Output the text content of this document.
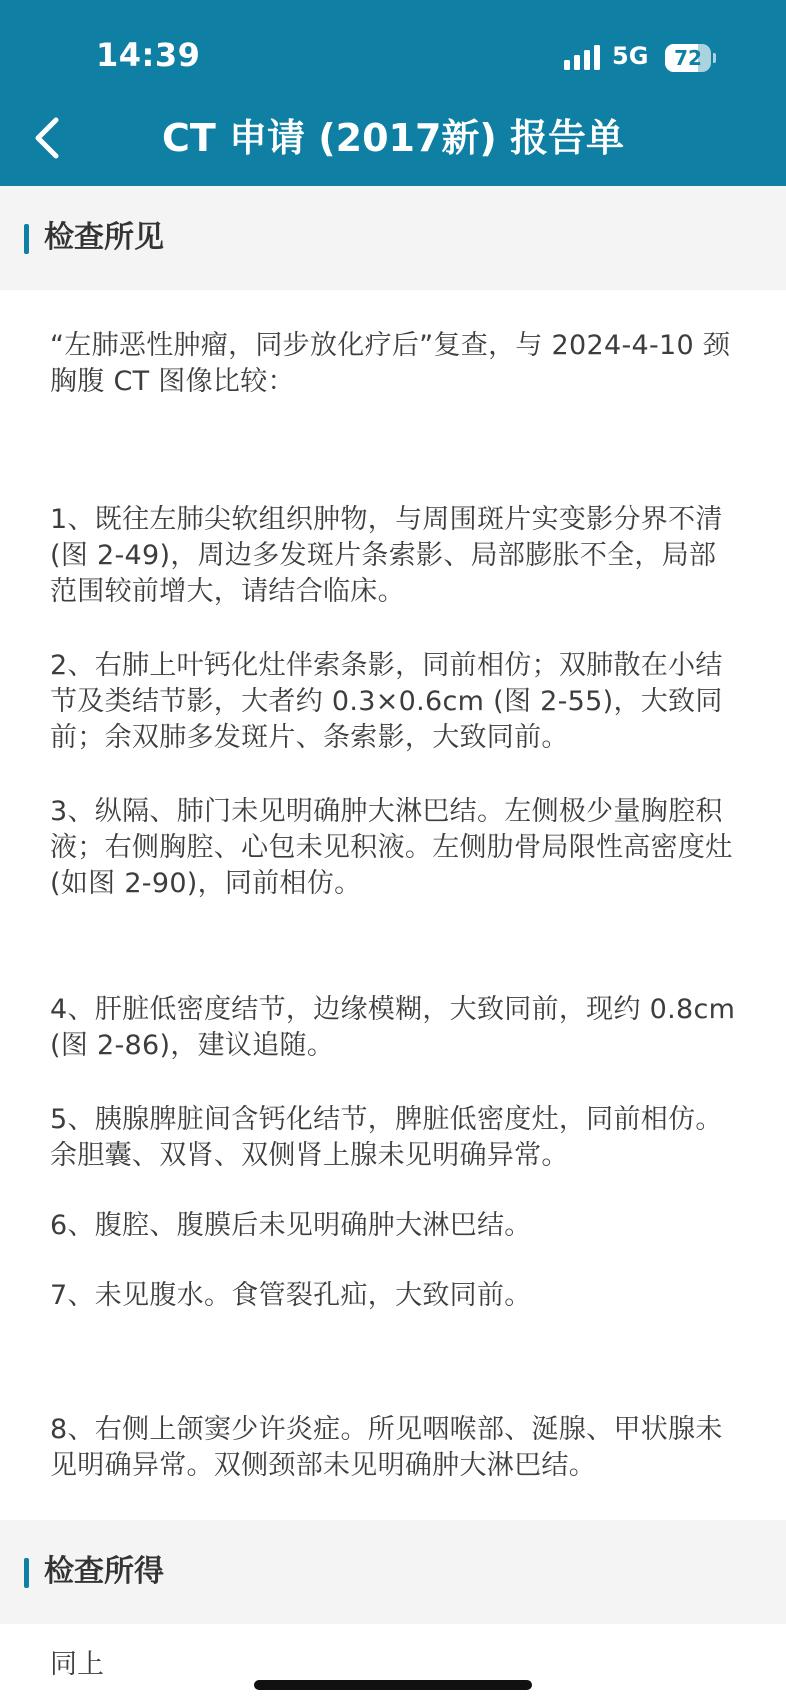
14:39	5G	72
CT 申请 (2017新) 报告单
检查所见
“左肺恶性肿瘤，同步放化疗后”复查，与 2024-4-10 颈胸腹 CT 图像比较：
1、既往左肺尖软组织肿物，与周围斑片实变影分界不清 (图 2-49)，周边多发斑片条索影、局部膨胀不全，局部范围较前增大，请结合临床。
2、右肺上叶钙化灶伴索条影，同前相仿；双肺散在小结节及类结节影，大者约 0.3×0.6cm (图 2-55)，大致同前；余双肺多发斑片、条索影，大致同前。
3、纵隔、肺门未见明确肿大淋巴结。左侧极少量胸腔积液；右侧胸腔、心包未见积液。左侧肋骨局限性高密度灶 (如图 2-90)，同前相仿。
4、肝脏低密度结节，边缘模糊，大致同前，现约 0.8cm (图 2-86)，建议追随。
5、胰腺脾脏间含钙化结节，脾脏低密度灶，同前相仿。余胆囊、双肾、双侧肾上腺未见明确异常。
6、腹腔、腹膜后未见明确肿大淋巴结。
7、未见腹水。食管裂孔疝，大致同前。
8、右侧上颌窦少许炎症。所见咽喉部、涎腺、甲状腺未见明确异常。双侧颈部未见明确肿大淋巴结。
检查所得
同上
